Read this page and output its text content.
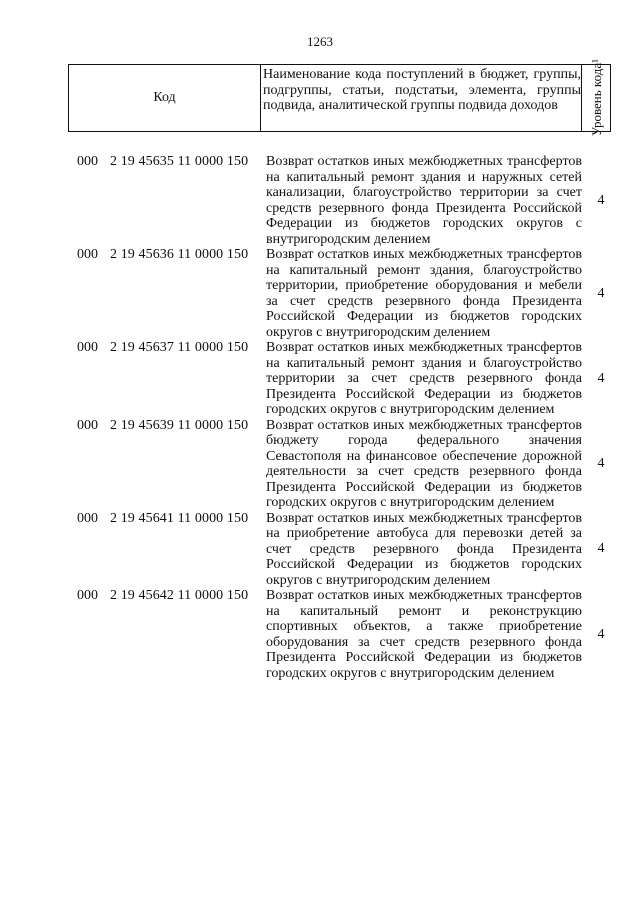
1263
Код
Наименование кода поступлений в бюджет, группы, подгруппы, статьи, подстатьи, элемента, группы подвида, аналитической группы подвида доходов	Уровень кода¹
000 2 19 45635 11 0000 150 Возврат остатков иных межбюджетных трансфертов на капитальный ремонт здания и наружных сетей канализации, благоустройство территории за счет средств резервного фонда Президента Российской Федерации из бюджетов городских округов с внутригородским делением
4
000 2 19 45636 11 0000 150 Возврат остатков иных межбюджетных трансфертов на капитальный ремонт здания, благоустройство территории, приобретение оборудования и мебели за счет средств резервного фонда Президента Российской Федерации из бюджетов городских округов с внутригородским делением
4
000 2 19 45637 11 0000 150 Возврат остатков иных межбюджетных трансфертов на капитальный ремонт здания и благоустройство территории за счет средств резервного фонда Президента Российской Федерации из бюджетов городских округов с внутригородским делением
4
000 2 19 45639 11 0000 150 Возврат остатков иных межбюджетных трансфертов бюджету города федерального значения Севастополя на финансовое обеспечение дорожной деятельности за счет средств резервного фонда Президента Российской Федерации из бюджетов городских округов с внутригородским делением
4
000 2 19 45641 11 0000 150 Возврат остатков иных межбюджетных трансфертов на приобретение автобуса для перевозки детей за счет средств резервного фонда Президента Российской Федерации из бюджетов городских округов с внутригородским делением
4
000 2 19 45642 11 0000 150 Возврат остатков иных межбюджетных трансфертов на капитальный ремонт и реконструкцию спортивных объектов, а также приобретение оборудования за счет средств резервного фонда Президента Российской Федерации из бюджетов городских округов с внутригородским делением
4
